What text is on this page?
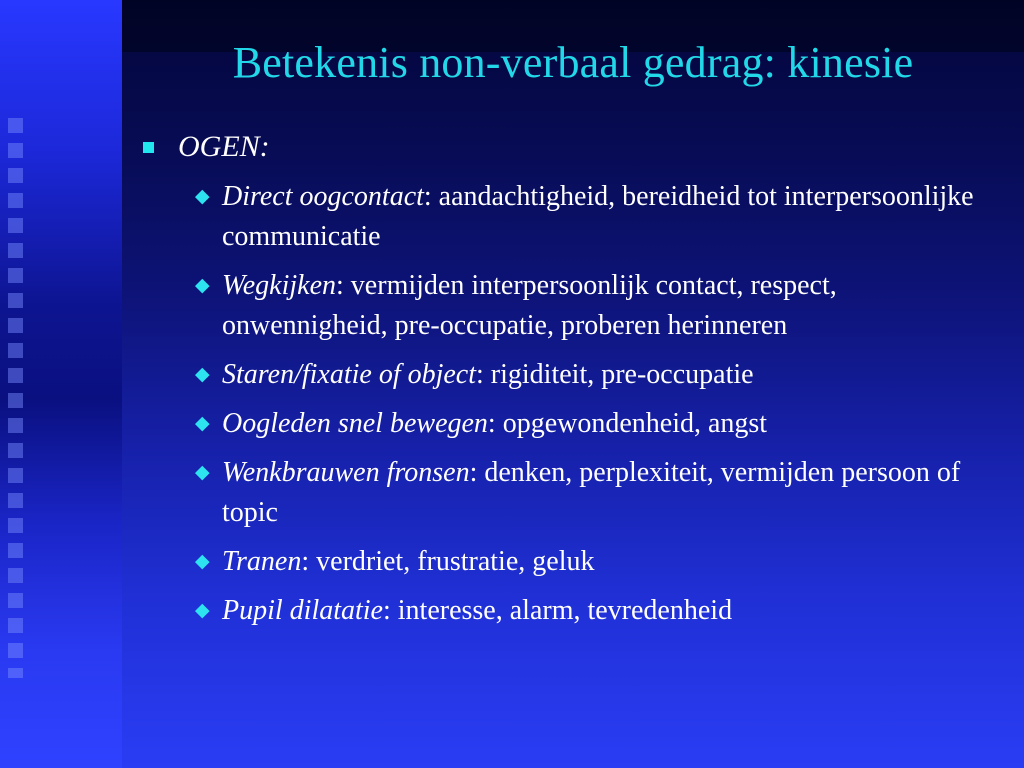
Betekenis non-verbaal gedrag: kinesie
OGEN:
◆ Direct oogcontact: aandachtigheid, bereidheid tot interpersoonlijke communicatie
◆ Wegkijken: vermijden interpersoonlijk contact, respect, onwennigheid, pre-occupatie, proberen herinneren
◆ Staren/fixatie of object: rigiditeit, pre-occupatie
◆ Oogleden snel bewegen: opgewondenheid, angst
◆ Wenkbrauwen fronsen: denken, perplexiteit, vermijden persoon of topic
◆ Tranen: verdriet, frustratie, geluk
◆ Pupil dilatatie: interesse, alarm, tevredenheid
